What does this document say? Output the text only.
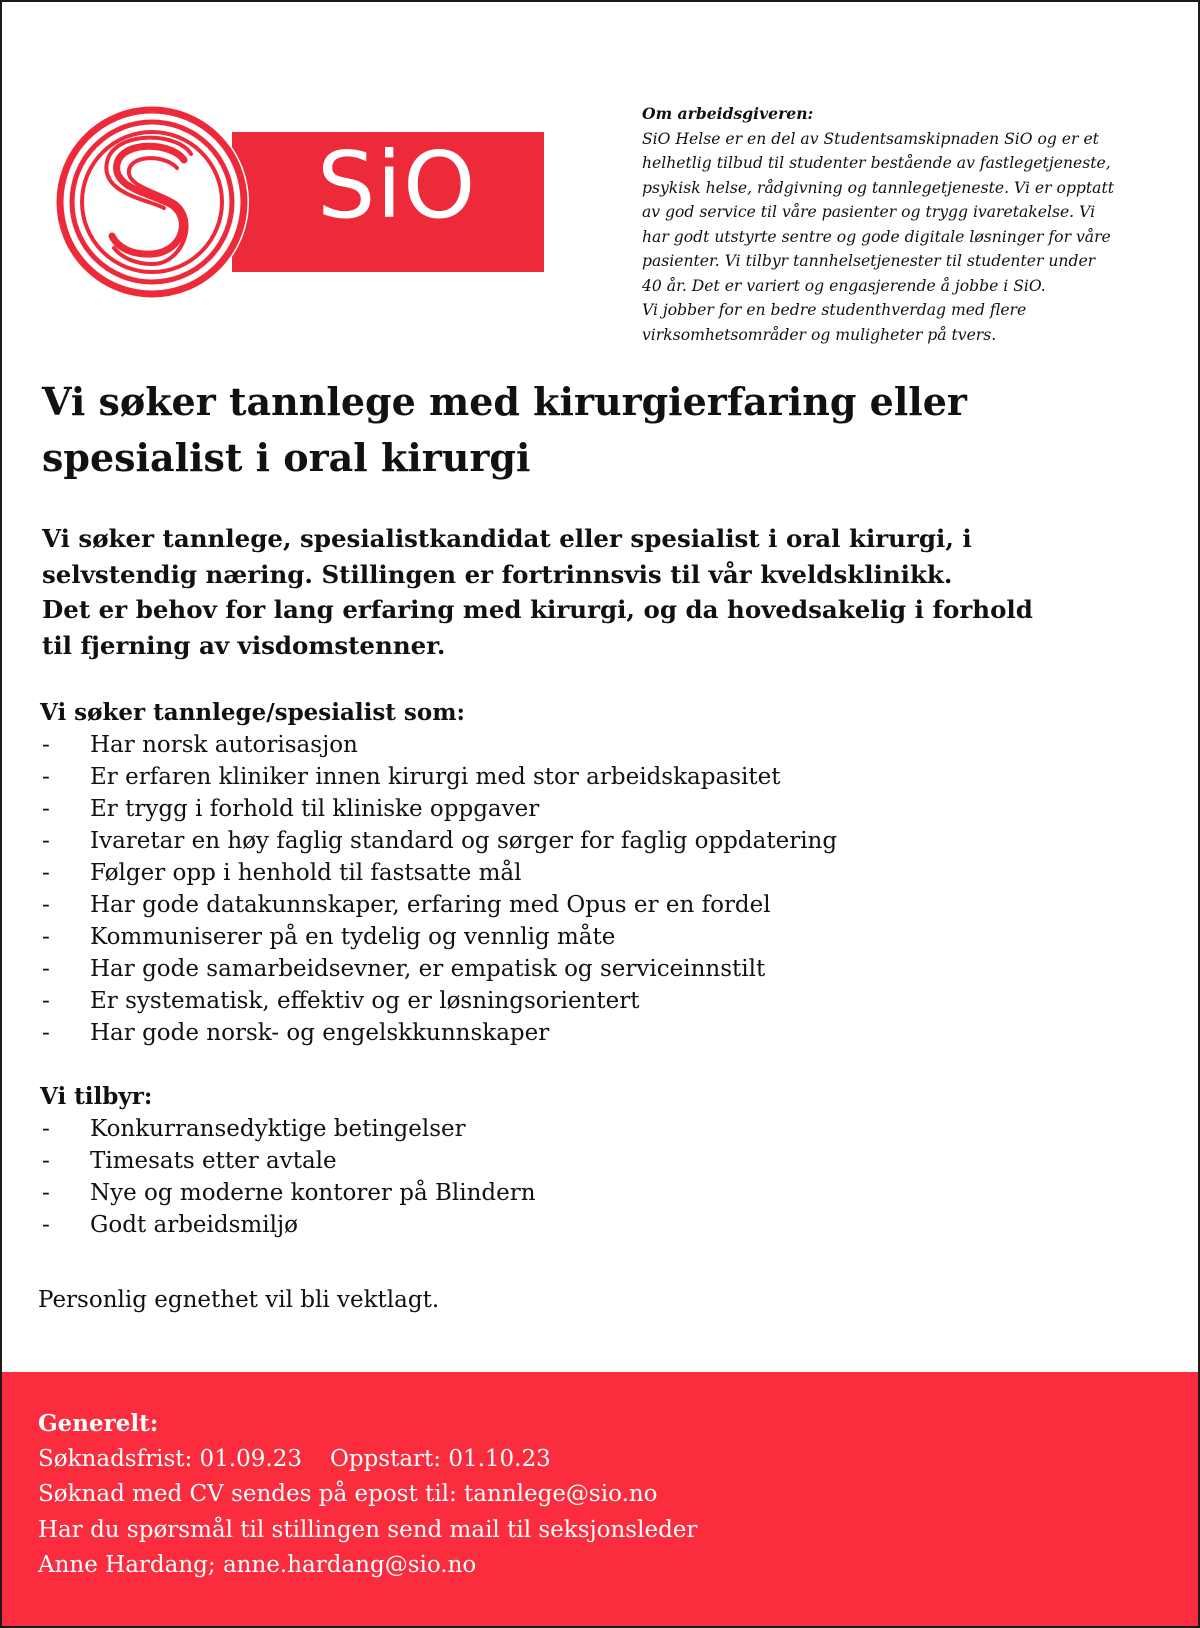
SiO
Om arbeidsgiveren:

SiO Helse er en del av Studentsamskipnaden SiO og er et

helhetlig tilbud til studenter bestående av fastlegetjeneste,

psykisk helse, rådgivning og tannlegetjeneste. Vi er opptatt

av god service til våre pasienter og trygg ivaretakelse. Vi

har godt utstyrte sentre og gode digitale løsninger for våre

pasienter. Vi tilbyr tannhelsetjenester til studenter under

40 år. Det er variert og engasjerende å jobbe i SiO.

Vi jobber for en bedre studenthverdag med flere

virksomhetsområder og muligheter på tvers.

Vi søker tannlege med kirurgierfaring eller
spesialist i oral kirurgi
Vi søker tannlege, spesialistkandidat eller spesialist i oral kirurgi, i
selvstendig næring. Stillingen er fortrinnsvis til vår kveldsklinikk.
Det er behov for lang erfaring med kirurgi, og da hovedsakelig i forhold
til fjerning av visdomstenner.

Vi søker tannlege/spesialist som:

- Har norsk autorisasjon
- Er erfaren kliniker innen kirurgi med stor arbeidskapasitet
- Er trygg i forhold til kliniske oppgaver
- Ivaretar en høy faglig standard og sørger for faglig oppdatering
- Følger opp i henhold til fastsatte mål
- Har gode datakunnskaper, erfaring med Opus er en fordel
- Kommuniserer på en tydelig og vennlig måte
- Har gode samarbeidsevner, er empatisk og serviceinnstilt
- Er systematisk, effektiv og er løsningsorientert
- Har gode norsk- og engelskkunnskaper

Vi tilbyr:

- Konkurransedyktige betingelser
- Timesats etter avtale
- Nye og moderne kontorer på Blindern
- Godt arbeidsmiljø
Personlig egnethet vil bli vektlagt.
Generelt:
Søknadsfrist: 01.09.23 Oppstart: 01.10.23
Søknad med CV sendes på epost til: tannlege@sio.no
Har du spørsmål til stillingen send mail til seksjonsleder
Anne Hardang; anne.hardang@sio.no
